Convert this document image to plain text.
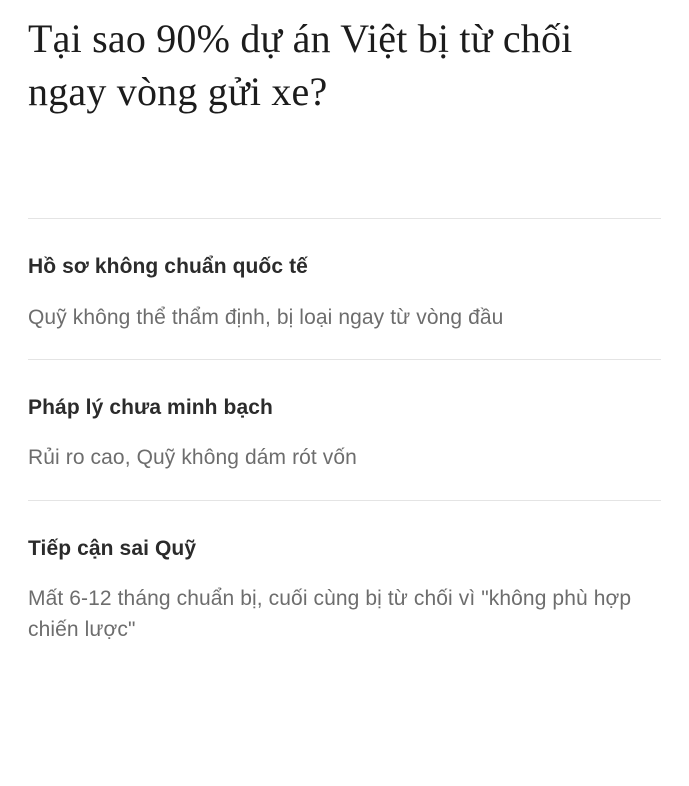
Tại sao 90% dự án Việt bị từ chối ngay vòng gửi xe?
Hồ sơ không chuẩn quốc tế
Quỹ không thể thẩm định, bị loại ngay từ vòng đầu
Pháp lý chưa minh bạch
Rủi ro cao, Quỹ không dám rót vốn
Tiếp cận sai Quỹ
Mất 6-12 tháng chuẩn bị, cuối cùng bị từ chối vì "không phù hợp chiến lược"
